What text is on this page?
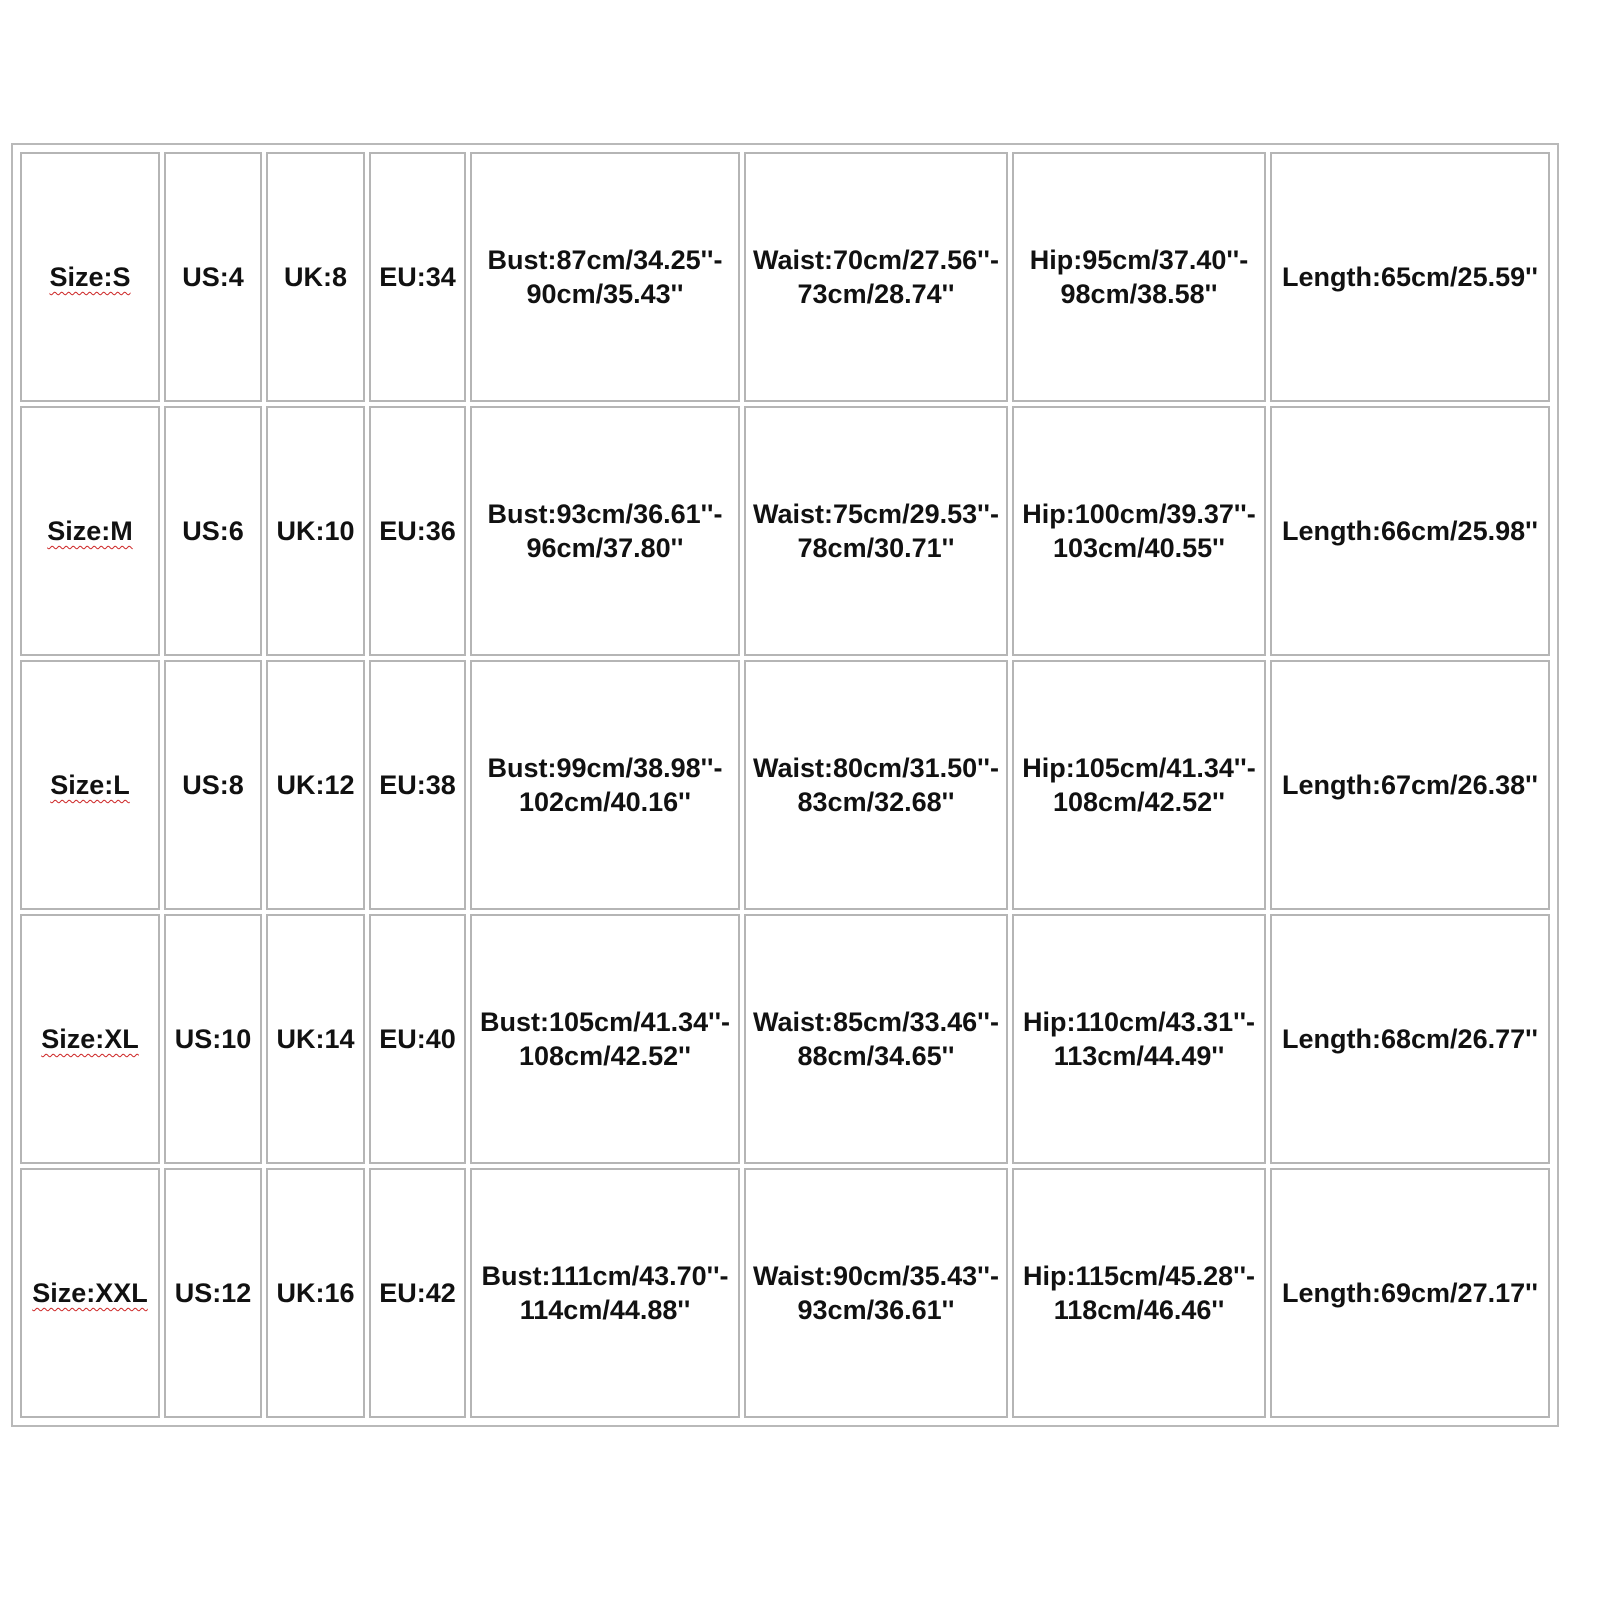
Size:S	US:4	UK:8	EU:34	Bust:87cm/34.25''-
90cm/35.43''	Waist:70cm/27.56''-
73cm/28.74''	Hip:95cm/37.40''-
98cm/38.58''	Length:65cm/25.59''
Size:M	US:6	UK:10	EU:36	Bust:93cm/36.61''-
96cm/37.80''	Waist:75cm/29.53''-
78cm/30.71''	Hip:100cm/39.37''-
103cm/40.55''	Length:66cm/25.98''
Size:L	US:8	UK:12	EU:38	Bust:99cm/38.98''-
102cm/40.16''	Waist:80cm/31.50''-
83cm/32.68''	Hip:105cm/41.34''-
108cm/42.52''	Length:67cm/26.38''
Size:XL	US:10	UK:14	EU:40	Bust:105cm/41.34''-
108cm/42.52''	Waist:85cm/33.46''-
88cm/34.65''	Hip:110cm/43.31''-
113cm/44.49''	Length:68cm/26.77''
Size:XXL	US:12	UK:16	EU:42	Bust:111cm/43.70''-
114cm/44.88''	Waist:90cm/35.43''-
93cm/36.61''	Hip:115cm/45.28''-
118cm/46.46''	Length:69cm/27.17''
